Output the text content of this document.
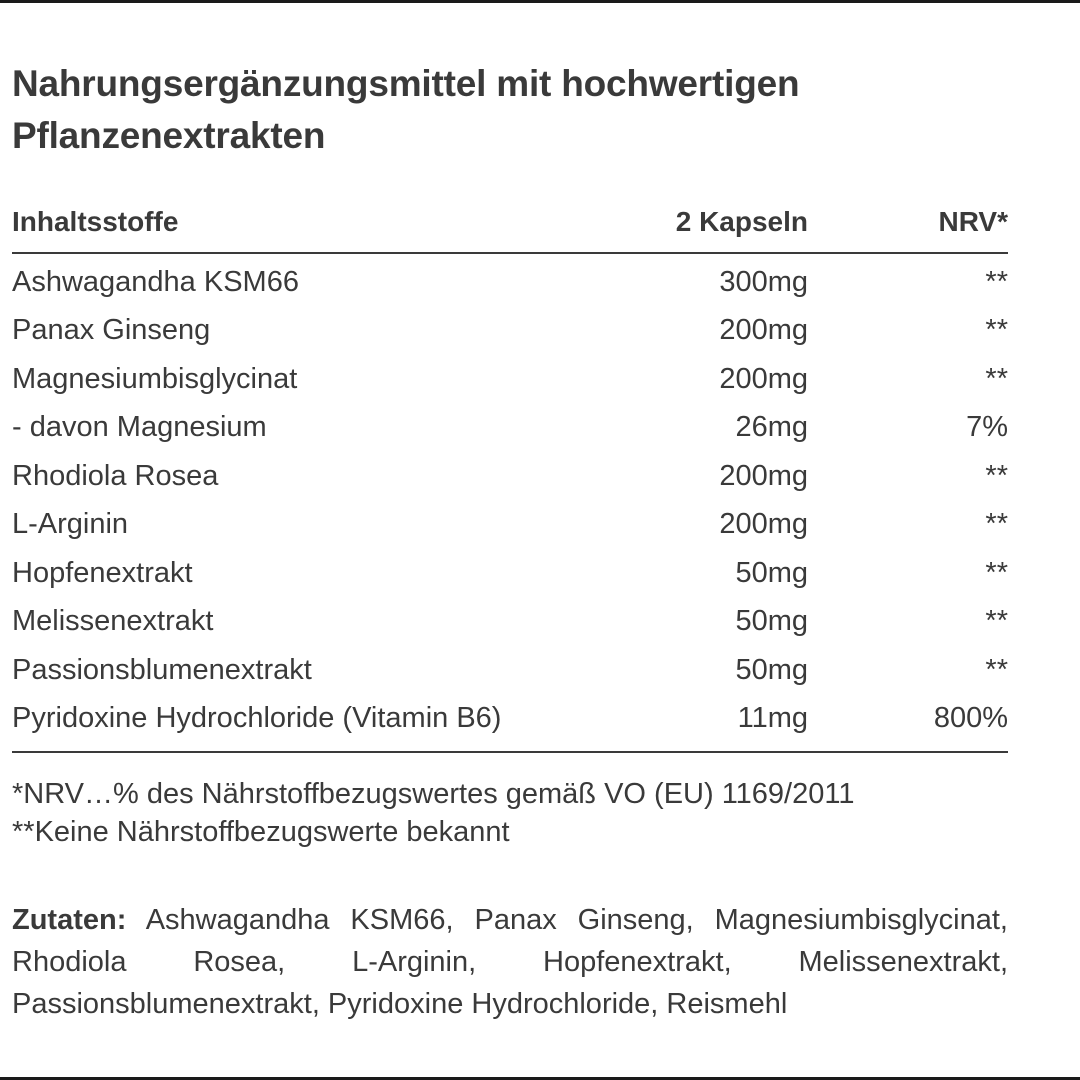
Nahrungsergänzungsmittel mit hochwertigen
Pflanzenextrakten
Inhaltsstoffe	2 Kapseln	NRV*
Ashwagandha KSM66	300mg	**
Panax Ginseng	200mg	**
Magnesiumbisglycinat	200mg	**
- davon Magnesium	26mg	7%
Rhodiola Rosea	200mg	**
L-Arginin	200mg	**
Hopfenextrakt	50mg	**
Melissenextrakt	50mg	**
Passionsblumenextrakt	50mg	**
Pyridoxine Hydrochloride (Vitamin B6)	11mg	800%
*NRV…% des Nährstoffbezugswertes gemäß VO (EU) 1169/2011
**Keine Nährstoffbezugswerte bekannt
Zutaten: Ashwagandha KSM66, Panax Ginseng, Magnesiumbisglycinat, Rhodiola Rosea, L-Arginin, Hopfenextrakt, Melissenextrakt, Passionsblumenextrakt, Pyridoxine Hydrochloride, Reismehl
